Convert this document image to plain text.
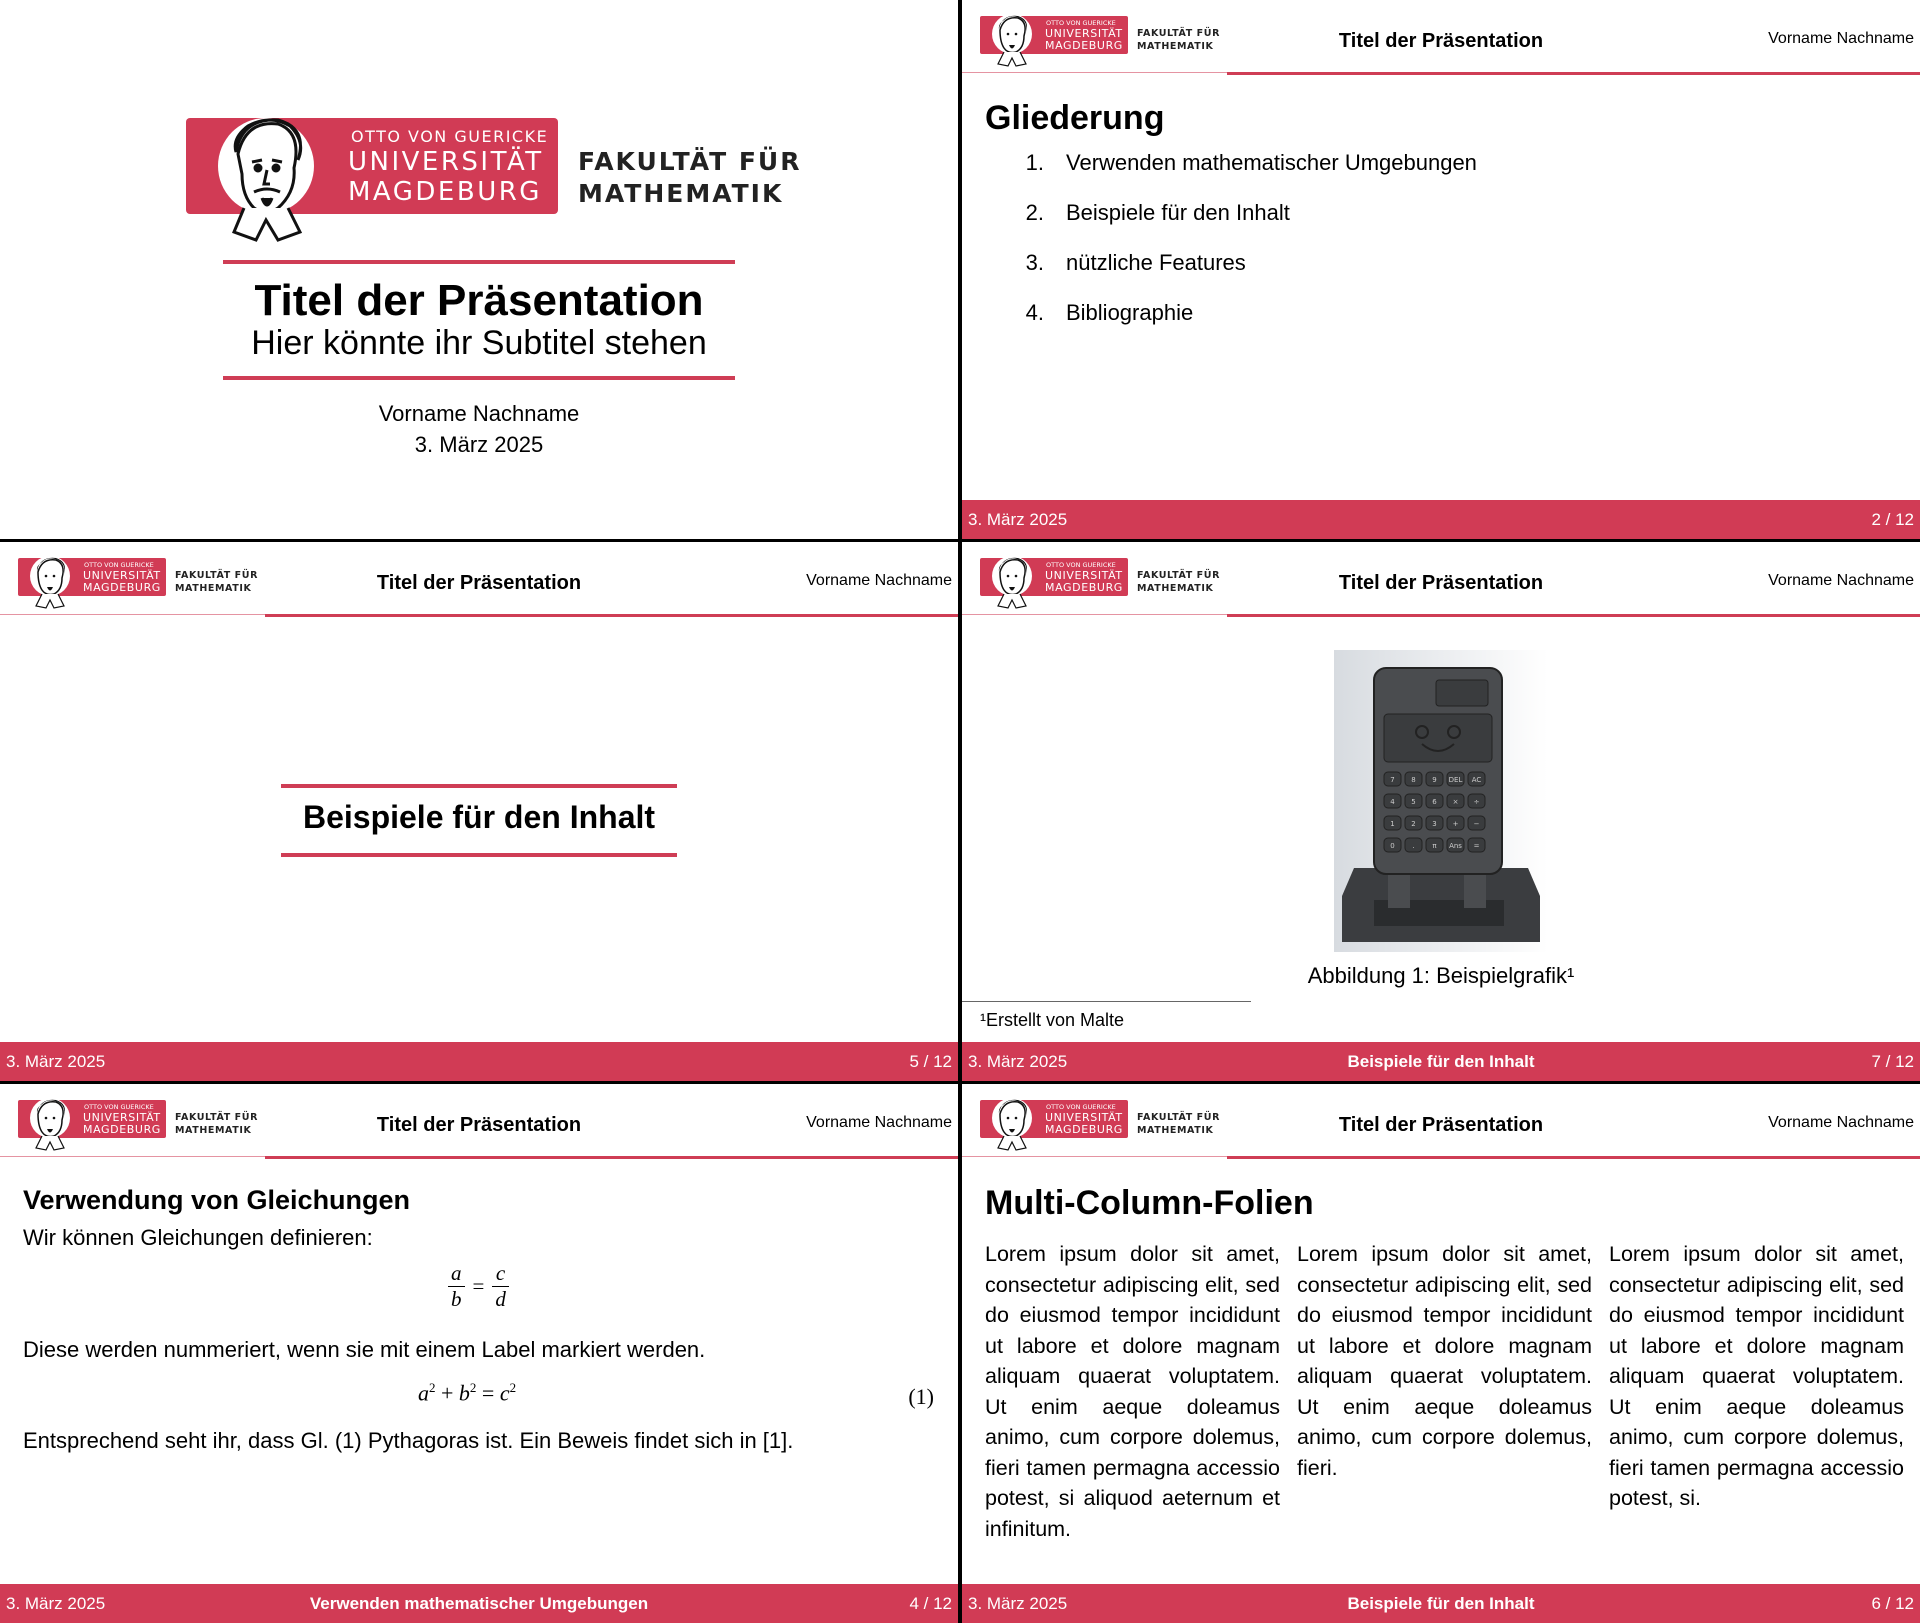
OTTO VON GUERICKE
UNIVERSITÄT
MAGDEBURG
FAKULTÄT FÜR
MATHEMATIK
Titel der Präsentation
Hier könnte ihr Subtitel stehen
Vorname Nachname
3. März 2025
OTTO VON GUERICKE
UNIVERSITÄT
MAGDEBURG
FAKULTÄT FÜR
MATHEMATIK	Titel der Präsentation	Vorname Nachname
Gliederung
1. Verwenden mathematischer Umgebungen
2. Beispiele für den Inhalt
3. nützliche Features
4. Bibliographie
3. März 2025	2 / 12
OTTO VON GUERICKE
UNIVERSITÄT
MAGDEBURG
FAKULTÄT FÜR
MATHEMATIK	Titel der Präsentation	Vorname Nachname
Beispiele für den Inhalt
3. März 2025	5 / 12
OTTO VON GUERICKE
UNIVERSITÄT
MAGDEBURG
FAKULTÄT FÜR
MATHEMATIK	Titel der Präsentation	Vorname Nachname
7 8 9 DEL AC
4 5 6 × ÷
1 2 3 + −
0	.	π Ans =
Abbildung 1: Beispielgrafik¹
¹Erstellt von Malte
3. März 2025	Beispiele für den Inhalt	7 / 12
OTTO VON GUERICKE
UNIVERSITÄT
MAGDEBURG
FAKULTÄT FÜR
MATHEMATIK	Titel der Präsentation	Vorname Nachname
Verwendung von Gleichungen
Wir können Gleichungen definieren:
a
b
=
c
d
Diese werden nummeriert, wenn sie mit einem Label markiert werden.
$a^2 + b^2 = c^2$	(1)
Entsprechend seht ihr, dass Gl. (1) Pythagoras ist. Ein Beweis findet sich in [1].
3. März 2025	Verwenden mathematischer Umgebungen	4 / 12
OTTO VON GUERICKE
UNIVERSITÄT
MAGDEBURG
FAKULTÄT FÜR
MATHEMATIK	Titel der Präsentation	Vorname Nachname
Multi-Column-Folien
Lorem ipsum dolor sit amet, consectetur adipiscing elit, sed do eiusmod tempor incididunt ut labore et dolore magnam aliquam quaerat voluptatem. Ut enim aeque doleamus animo, cum corpore dolemus, fieri tamen permagna accessio potest, si aliquod aeternum et infinitum.
Lorem ipsum dolor sit amet, consectetur adipiscing elit, sed do eiusmod tempor incididunt ut labore et dolore magnam aliquam quaerat voluptatem. Ut enim aeque doleamus animo, cum corpore dolemus, fieri.
Lorem ipsum dolor sit amet, consectetur adipiscing elit, sed do eiusmod tempor incididunt ut labore et dolore magnam aliquam quaerat voluptatem. Ut enim aeque doleamus animo, cum corpore dolemus, fieri tamen permagna accessio potest, si.
3. März 2025	Beispiele für den Inhalt	6 / 12
